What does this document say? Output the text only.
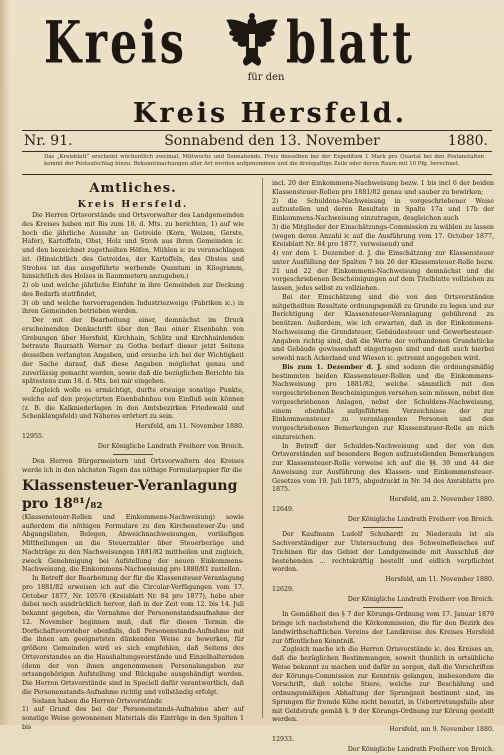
Kreis blatt
für den
Kreis Hersfeld.
Nr. 91.	Sonnabend den 13. November	1880.
Das „Kreisblatt“ erscheint wöchentlich zweimal, Mittwochs und Sonnabends. Preis desselben bei der Expedition 1 Mark pro Quartal bei den Postanstalten kommt der Postaufschlag hinzu. Bekanntmachungen aller Art werden aufgenommen und die dreispaltige Zeile oder deren Raum mit 10 Pfg. berechnet.
Amtliches.
Kreis Hersfeld.

Die Herren Ortsvorstände und Ortsvorwalter des Landgemeinden des Kreises haben mit Bis zum 18. d. Mts. zu berichten, 1) auf wie hoch die jährliche Aussuhr an Getreide (Korn, Weizen, Gerste, Hafer), Kartoffeln, Obst, Holz und Stroh aus ihren Gemeinden ic. und den bezeichnet zugetheilten Höfen, Mühlen ic zu veranschlagen ist. (Hinsichtlich des Getreides, der Kartoffeln, des Obstes und Strohes ist das ausgeführte werbende Quantum in Kilogramm, hinsichtlich des Holzes in Raummetern anzugeben.)

2) ob und welche jährliche Einfuhr in ihre Gemeinden zur Deckung des Bedarfs stattfindet,

3) ob und welche hervorragenden Industriezweige (Fabriken ic.) in ihren Gemeinden betrieben werden.

Der mit der Bearbeitung einer, demnächst im Druck erscheinenden Denkschrift über den Bau einer Eisenbahn von Grebungen über Hersfeld, Kirchhain, Schlitz und Kirchhainlenden betraute Bauraath Werner zu Gotha bedarf dieser jetzt Seitens desselben verlangten Angaben, und ersuche ich bei der Wichtigkeit der Sache darauf, daß diese Angaben möglichst genau und zuverlässig gemacht werden, sowie daß die bezüglichen Berichte bis spätestens zum 18. d. Mts. bei mir eingehen.

Zugleich wolle es ermächtigt, durfte etwaige sonstige Punkte, welche auf den projectirten Eisenbahnbau von Einfluß sein können (z. B. die Kalkniederlagen in den Amtsbezirken Friedewald und Schenklengsfeld) und Näheres erörtert zu sein.

Hersfeld, am 11. November 1880.

12955.

Der Königliche Landrath Freiherr von Broich.

Den Herren Bürgermeistern und Ortsvorwaltern des Kreises werde ich in den nächsten Tagen das nöthige Formularpapier für die

Klassensteuer-Veranlagung pro 18⁸¹/₈₂

(Klassensteuer-Rollen und Einkommens-Nachweisung) sowie außerdem die nöthigen Formulare zu den Kirchensteuer-Zu- und Abgangslisten, Belegen, Abweichnachweisungen, vorläufigen Mittheilungen an die Steuerzahler über Steuerbezüge und Nachträge zu den Nachweisungen 1881/82 mittheilen und zugleich, zweck Genehmigung bei Aufstellung der neuen Einkommens-Nachweisung, die Einkommens-Nachweisung pro 1880/81 zustellen.

In Betreff der Bearbeitung der für die Klassensteuer-Veranlagung pro 1881/82 erweisen ich auf die Circular-Verfügungen vom 17. October 1877, Nr. 10576 (Kreisblatt Nr. 84 pro 1877), hebe aber dabei noch ausdrücklich hervor, daß in der Zeit vom 12. bis 14. Juli bekannt gegeben, die Vornahme der Personenstandsaufnahme der 12. November beginnen muß, daß für diesen Termin die Dorfschaftsvorsteher ebenfalls, daß Personenstands-Aufnahme mit die ihnen am geeignetsten dünkenden Weise zu bewerken, für größere Gemeinden wird es sich empfehlen, daß Seitens des Ortsvorstandes an die Haushaltungsvorstände und Einzelhalternden (denn der von ihnen angenommenen Personalangaben zur ortsangehörigen Aufstellung und Rückgabe ausgehändigt werden. Die Herren Ortsvorstände sind in Speciell dafür verantwortlich, daß die Personenstands-Aufnahme richtig und vollständig erfolgt.

Sodann haben die Herren Ortsvorstände

1) auf Grund des bei der Personenstands-Aufnahme aber auf sonstige Weise gewonnenen Materials die Einträge in den Spalten 1 bis

incl. 20 der Einkommens-Nachweisung bezw. 1 bis incl 6 der beiden Klassensteuer-Rollen pro 1881/82 genau und sauber zu bewirken;

2) die Schuldens-Nachweisung in vorgeschriebener Weise aufzustellen und deren Resultate in Spalte 17a und 17b der Einkommens-Nachweisung einzutragen, desgleichen auch

3) die Mitglieder der Einschätzungs-Commission zu wählen zu lassen (wegen deren Anzahl ic auf die Ausführung vom 17. October 1877, Kreisblatt Nr. 84 pro 1877, verweisend) und

4) vor dem 1. Dezember d. J. die Einschätzung zur Klassensteuer unter Ausfüllung der Spalten 7 bis 26 der Klassensteuer-Rolle bezw. 21 und 22 der Einkommens-Nachweisung demnächst und die vorgeschriebenen Bescheinigungen auf dem Titelblatte vollziehen zu lassen, jedes selbst zu vollziehen.

Bei der Einschätzung sind die von den Ortsvorständen mitgetheilten Resultate ordnungsgemäß zu Grunde zu legen und zur Berichtigung der Klassensteuer-Veranlagung gebührend zu benützen. Außerdem, wie ich erwarten, daß in der Einkommens-Nachweisung die Grundsteuer, Gebäudesteuer und Gewerbesteuer-Angaben richtig sind, daß die Werte der vorhandenen Grundstücke und Gebäude gewissenhaft eingetragen sind und daß auch hierbei sowohl nach Ackerland und Wiesen ic. getrennt angegeben wird.

Bis zum 1. Dezember d. J. sind sodann die ordnungsmäßig bestimmten beiden Klassensteuer-Rollen und die Einkommens-Nachweisung pro 1881/82, welche sämmtlich mit den vorgeschriebenen Bescheinigungen versehen sein müssen, nebst den vorgeschriebenen Anlagen, nebst der Schuldens-Nachweisung, einem ebenfalls aufgeführten Verzeichnisse der zur Einkommensteuer zu veranlagenden Personen und den vorgeschriebenen Bemerkungen zur Klassensteuer-Rolle an mich einzureichen.

In Betreff der Schulden-Nachweisung und der von den Ortsvorständen auf besondere Bogen aufzustellenden Bemerkungen zur Klassensteuer-Rolle verweise ich auf die §§. 39 und 44 der Anweisung zur Ausführung des Klassen- und Einkommensteuer-Gesetzes vom 19. Juli 1875, abgedruckt in Nr. 34 des Amtsblatts pro 1875.

Hersfeld, am 2. November 1880.

12649.

Der Königliche Landrath Freiherr von Broich.

Der Kaufmann Ludolf Schuhardt zu Niederaula ist als Sachverständiger zur Untersuchung des Schweinefleisches auf Trichinen für das Gebiet der Landgemeinde mit Ausschluß der bestehenden ... rechtskräftig bestellt und eidlich verpflichtet worden.

Hersfeld, am 11. November 1880.

12629.

Der Königliche Landrath Freiherr von Broich.

In Gemäßheit des § 7 der Körungs-Ordnung vom 17. Januar 1879 bringe ich nachstehend die Körkommission, die für den Bezirk des landwirthschaftlichen Vereins der Landkreise des Kreises Hersfeld zur öffentlichen Kenntniß.

Zugleich mache ich die Herren Ortsvorstände ic. des Kreises an, daß die bezüglichen Bestimmungen, soweit thunlich in ortsübliche Weise bekannt zu machen und dafür zu sorgen, daß die Vorschriften der Körungs-Commission zur Kenntnis gelangen, insbesondere die Vorschrift, daß solche Stiere, welche zur Beschälung und ordnungsmäßigen Abhaltung der Sprungzeit bestimmt sind, im Sprungen für fremde Kühe nicht benutzt, in Uebertretungsfalle aber mit Geldstrafe gemäß §. 9 der Körungs-Ordnung zur Körung gestellt werden.

Hersfeld, am 9. November 1880.

12933.

Der Königliche Landrath Freiherr von Broich.
